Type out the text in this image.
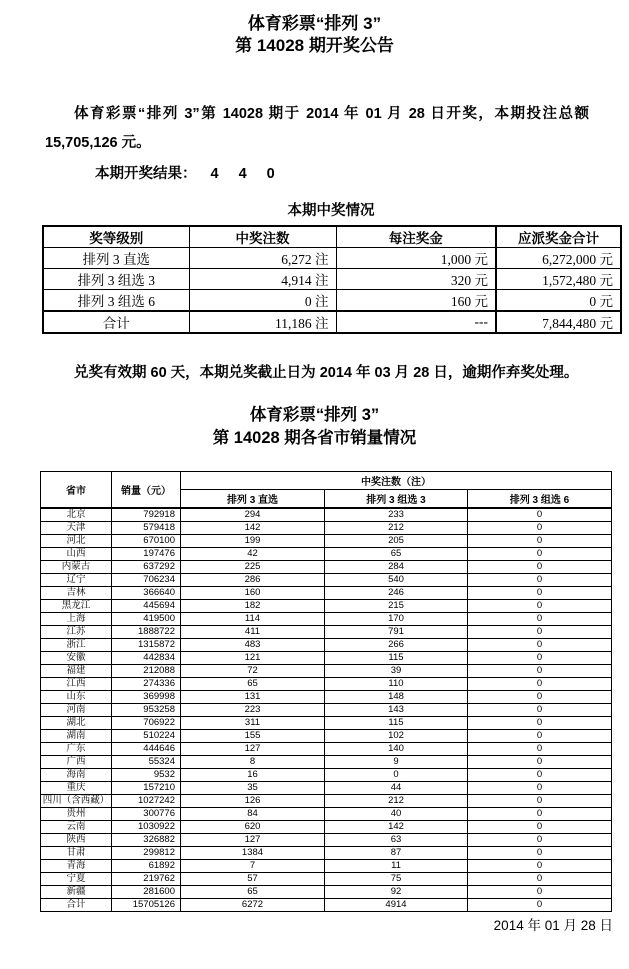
体育彩票“排列 3”
第 14028 期开奖公告

体育彩票“排列 3”第 14028 期于 2014 年 01 月 28 日开奖，本期投注总额 15,705,126 元。

本期开奖结果： 4 4 0
本期中奖情况
奖等级别	中奖注数	每注奖金	应派奖金合计
排列 3 直选	6,272 注	1,000 元	6,272,000 元
排列 3 组选 3	4,914 注	320 元	1,572,480 元
排列 3 组选 6	0 注	160 元	0 元
合计	11,186 注	---	7,844,480 元

兑奖有效期 60 天，本期兑奖截止日为 2014 年 03 月 28 日，逾期作弃奖处理。

体育彩票“排列 3”
第 14028 期各省市销量情况
省市	销量（元）	中奖注数（注）		
		排列 3 直选	排列 3 组选 3	排列 3 组选 6
北京	792918	294	233	0
天津	579418	142	212	0
河北	670100	199	205	0
山西	197476	42	65	0
内蒙古	637292	225	284	0
辽宁	706234	286	540	0
吉林	366640	160	246	0
黑龙江	445694	182	215	0
上海	419500	114	170	0
江苏	1888722	411	791	0
浙江	1315872	483	266	0
安徽	442834	121	115	0
福建	212088	72	39	0
江西	274336	65	110	0
山东	369998	131	148	0
河南	953258	223	143	0
湖北	706922	311	115	0
湖南	510224	155	102	0
广东	444646	127	140	0
广西	55324	8	9	0
海南	9532	16	0	0
重庆	157210	35	44	0
四川（含西藏）	1027242	126	212	0
贵州	300776	84	40	0
云南	1030922	620	142	0
陕西	326882	127	63	0
甘肃	299812	1384	87	0
青海	61892	7	11	0
宁夏	219762	57	75	0
新疆	281600	65	92	0
合计	15705126	6272	4914	0
2014 年 01 月 28 日
